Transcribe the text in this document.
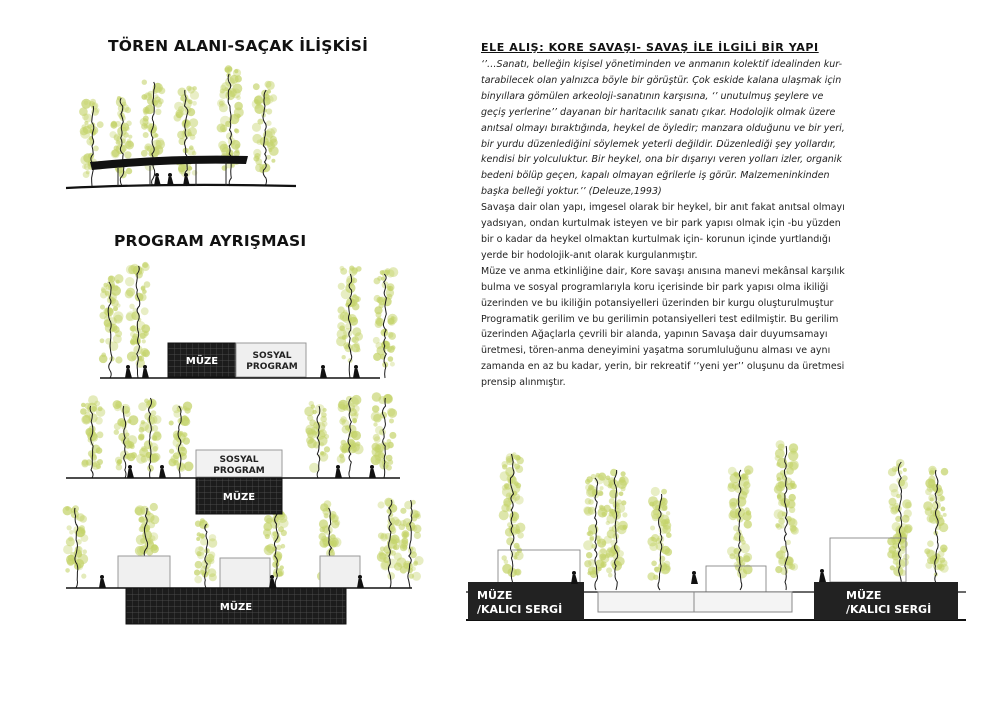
TÖREN ALANI-SAÇAK İLİŞKİSİ
PROGRAM AYRIŞMASI
ELE ALIŞ: KORE SAVAŞI- SAVAŞ İLE İLGİLİ BİR YAPI

‘’…Sanatı, belleğin kişisel yönetiminden ve anmanın kolektif idealinden kur-

tarabilecek olan yalnızca böyle bir görüştür. Çok eskide kalana ulaşmak için

binyıllara gömülen arkeoloji-sanatının karşısına, ‘’ unutulmuş şeylere ve

geçiş yerlerine’’ dayanan bir haritacılık sanatı çıkar. Hodolojik olmak üzere

anıtsal olmayı bıraktığında, heykel de öyledir; manzara olduğunu ve bir yeri,

bir yurdu düzenlediğini söylemek yeterli değildir. Düzenlediği şey yollardır,

kendisi bir yolculuktur. Bir heykel, ona bir dışarıyı veren yolları izler, organik

bedeni bölüp geçen, kapalı olmayan eğrilerle iş görür. Malzemeninkinden

başka belleği yoktur.’’ (Deleuze,1993)

Savaşa dair olan yapı, imgesel olarak bir heykel, bir anıt fakat anıtsal olmayı

yadsıyan, ondan kurtulmak isteyen ve bir park yapısı olmak için -bu yüzden

bir o kadar da heykel olmaktan kurtulmak için- korunun içinde yurtlandığı

yerde bir hodolojik-anıt olarak kurgulanmıştır.

Müze ve anma etkinliğine dair, Kore savaşı anısına manevi mekânsal karşılık

bulma ve sosyal programlarıyla koru içerisinde bir park yapısı olma ikiliği

üzerinden ve bu ikiliğin potansiyelleri üzerinden bir kurgu oluşturulmuştur

Programatik gerilim ve bu gerilimin potansiyelleri test edilmiştir. Bu gerilim

üzerinden Ağaçlarla çevrili bir alanda, yapının Savaşa dair duyumsamayı

üretmesi, tören-anma deneyimini yaşatma sorumluluğunu alması ve aynı

zamanda en az bu kadar, yerin, bir rekreatif ‘’yeni yer’’ oluşunu da üretmesi

prensip alınmıştır.

MÜZE	SOSYAL
PROGRAM
SOSYAL
PROGRAM
MÜZE
MÜZE
MÜZE
/KALICI SERGİ
MÜZE
/KALICI SERGİ
